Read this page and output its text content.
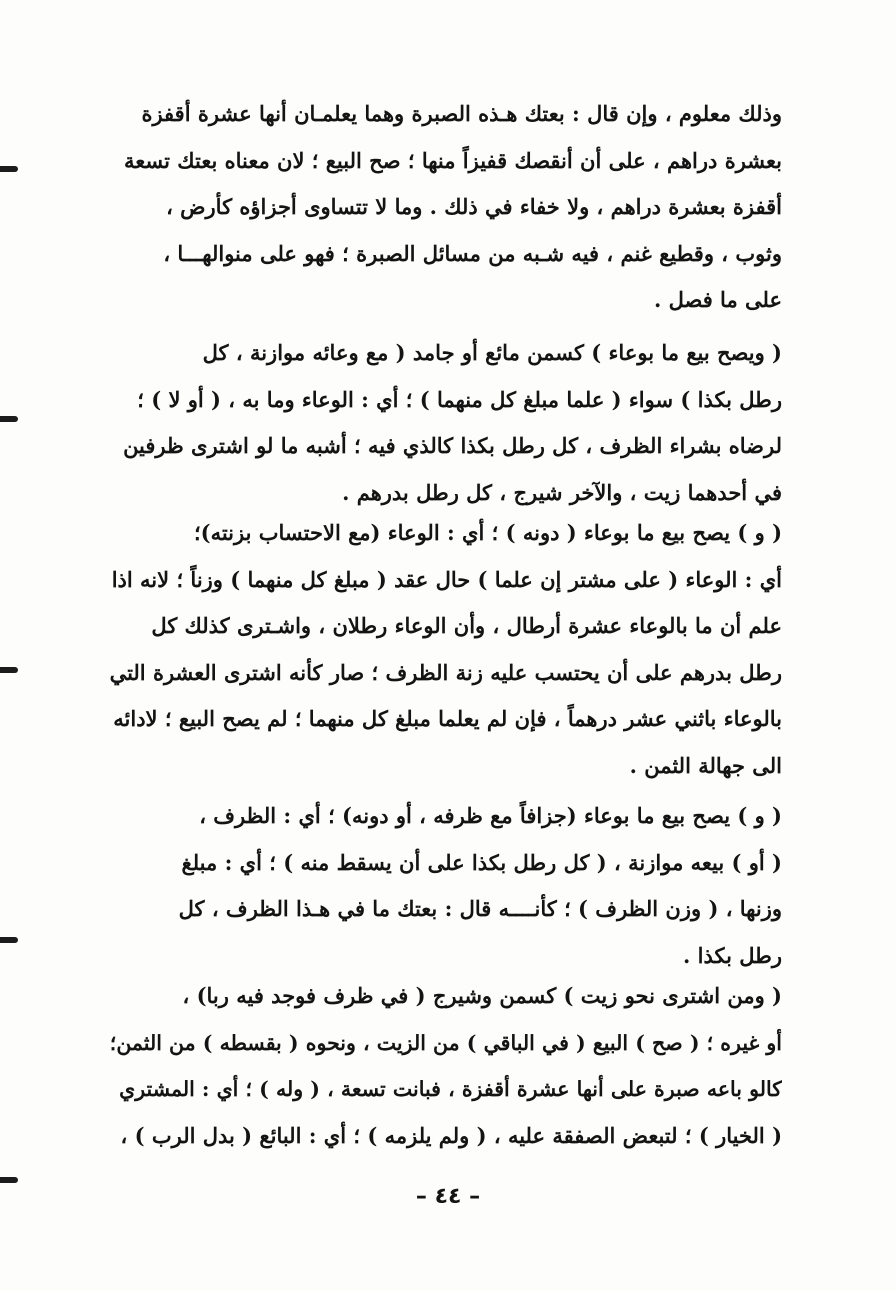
وذلك معلوم ، وإن قال : بعتك هـذه الصبرة وهما يعلمـان أنها عشرة أقفزة
بعشرة دراهم ، على أن أنقصك قفيزاً منها ؛ صح البيع ؛ لان معناه بعتك تسعة
أقفزة بعشرة دراهم ، ولا خفاء في ذلك . وما لا تتساوى أجزاؤه كأرض ،
وثوب ، وقطيع غنم ، فيه شـبه من مسائل الصبرة ؛ فهو على منوالهـــا ،
على ما فصل .
( ويصح بيع ما بوعاء ) كسمن مائع أو جامد ( مع وعائه موازنة ، كل
رطل بكذا ) سواء ( علما مبلغ كل منهما ) ؛ أي : الوعاء وما به ، ( أو لا ) ؛
لرضاه بشراء الظرف ، كل رطل بكذا كالذي فيه ؛ أشبه ما لو اشترى ظرفين
في أحدهما زيت ، والآخر شيرج ، كل رطل بدرهم .
( و ) يصح بيع ما بوعاء ( دونه ) ؛ أي : الوعاء (مع الاحتساب بزنته)؛
أي : الوعاء ( على مشتر إن علما ) حال عقد ( مبلغ كل منهما ) وزناً ؛ لانه اذا
علم أن ما بالوعاء عشرة أرطال ، وأن الوعاء رطلان ، واشـترى كذلك كل
رطل بدرهم على أن يحتسب عليه زنة الظرف ؛ صار كأنه اشترى العشرة التي
بالوعاء باثني عشر درهماً ، فإن لم يعلما مبلغ كل منهما ؛ لم يصح البيع ؛ لادائه
الى جهالة الثمن .
( و ) يصح بيع ما بوعاء (جزافاً مع ظرفه ، أو دونه) ؛ أي : الظرف ،
( أو ) بيعه موازنة ، ( كل رطل بكذا على أن يسقط منه ) ؛ أي : مبلغ
وزنها ، ( وزن الظرف ) ؛ كأنــــه قال : بعتك ما في هـذا الظرف ، كل
رطل بكذا .
( ومن اشترى نحو زيت ) كسمن وشيرج ( في ظرف فوجد فيه ربا) ،
أو غيره ؛ ( صح ) البيع ( في الباقي ) من الزيت ، ونحوه ( بقسطه ) من الثمن؛
كالو باعه صبرة على أنها عشرة أقفزة ، فبانت تسعة ، ( وله ) ؛ أي : المشتري
( الخيار ) ؛ لتبعض الصفقة عليه ، ( ولم يلزمه ) ؛ أي : البائع ( بدل الرب ) ،
– ٤٤ –
